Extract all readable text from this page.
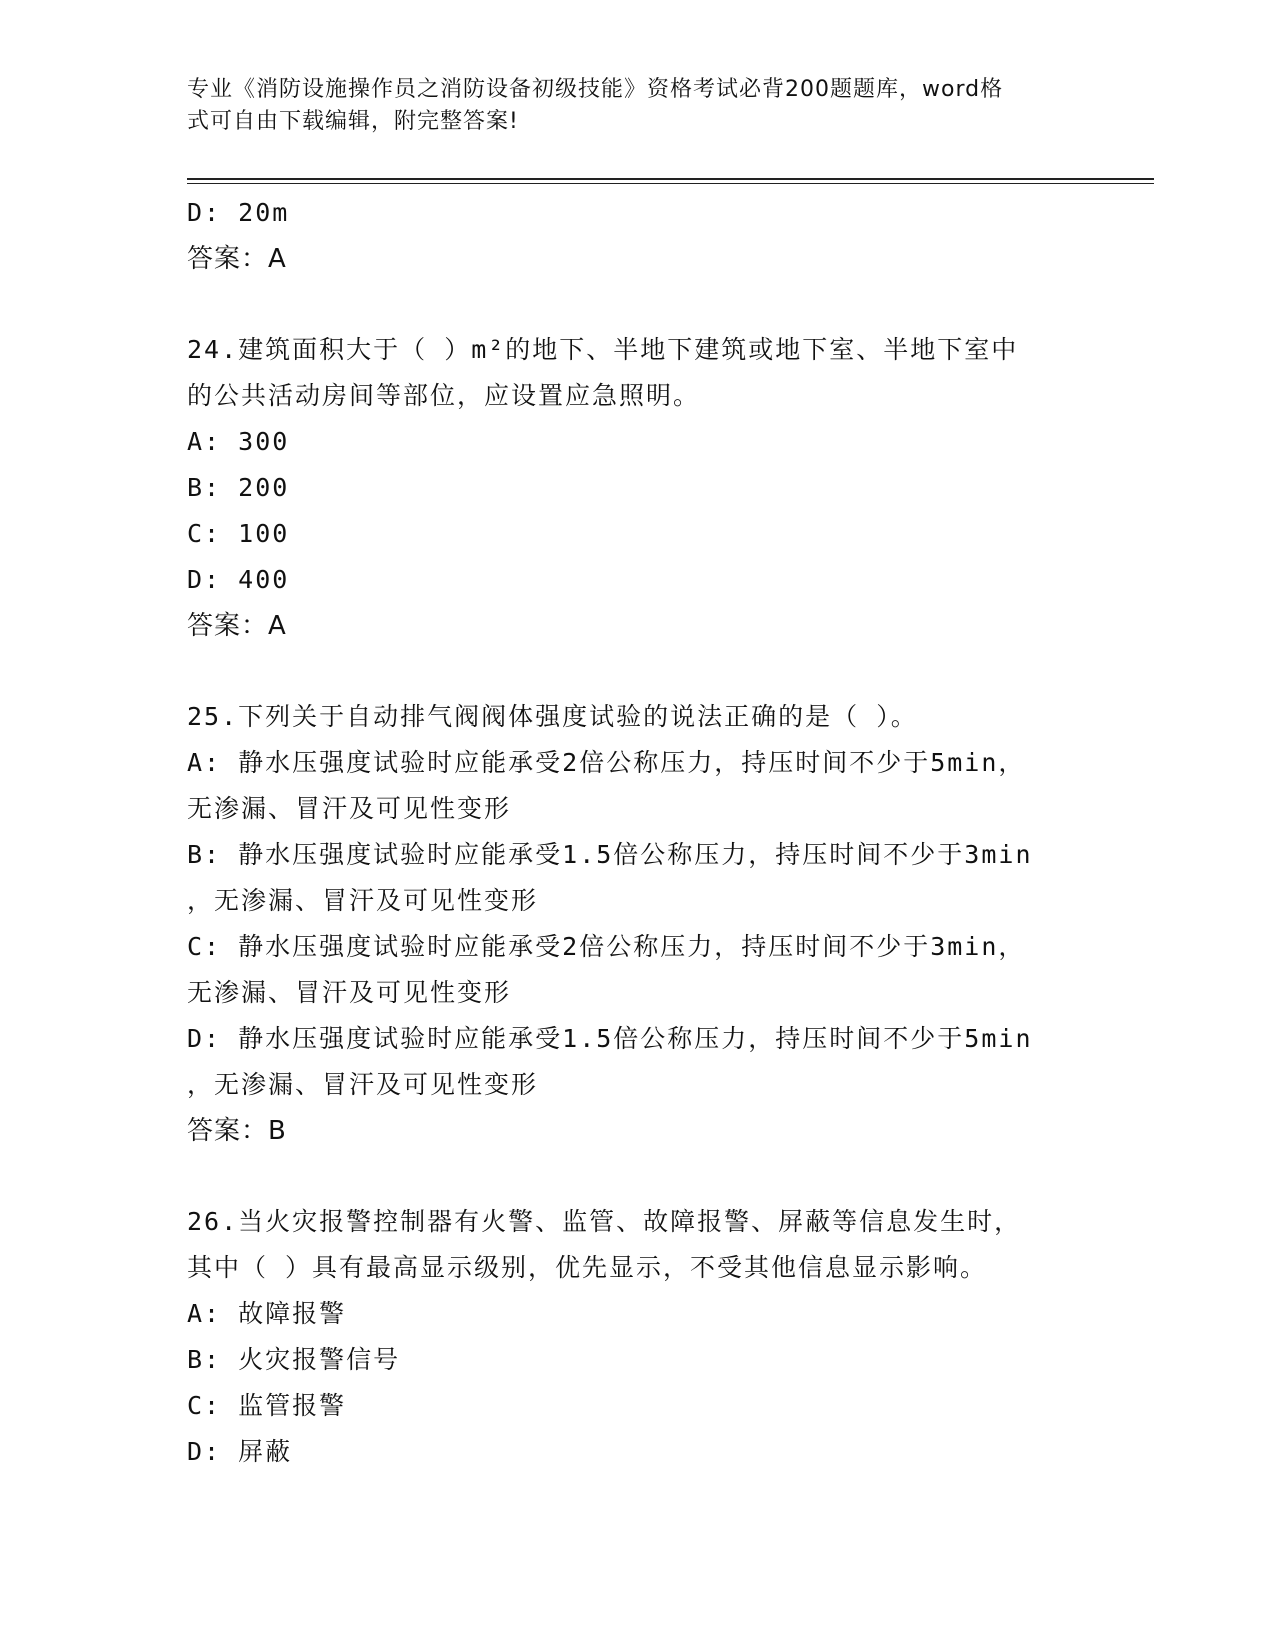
专业《消防设施操作员之消防设备初级技能》资格考试必背200题题库，word格
式可自由下载编辑，附完整答案!
D: 20m
答案：A
24.建筑面积大于（ ）m²的地下、半地下建筑或地下室、半地下室中
的公共活动房间等部位，应设置应急照明。
A: 300
B: 200
C: 100
D: 400
答案：A
25.下列关于自动排气阀阀体强度试验的说法正确的是（ ）。
A: 静水压强度试验时应能承受2倍公称压力，持压时间不少于5min，
无渗漏、冒汗及可见性变形
B: 静水压强度试验时应能承受1.5倍公称压力，持压时间不少于3min
，无渗漏、冒汗及可见性变形
C: 静水压强度试验时应能承受2倍公称压力，持压时间不少于3min，
无渗漏、冒汗及可见性变形
D: 静水压强度试验时应能承受1.5倍公称压力，持压时间不少于5min
，无渗漏、冒汗及可见性变形
答案：B
26.当火灾报警控制器有火警、监管、故障报警、屏蔽等信息发生时，
其中（ ）具有最高显示级别，优先显示，不受其他信息显示影响。
A: 故障报警
B: 火灾报警信号
C: 监管报警
D: 屏蔽
